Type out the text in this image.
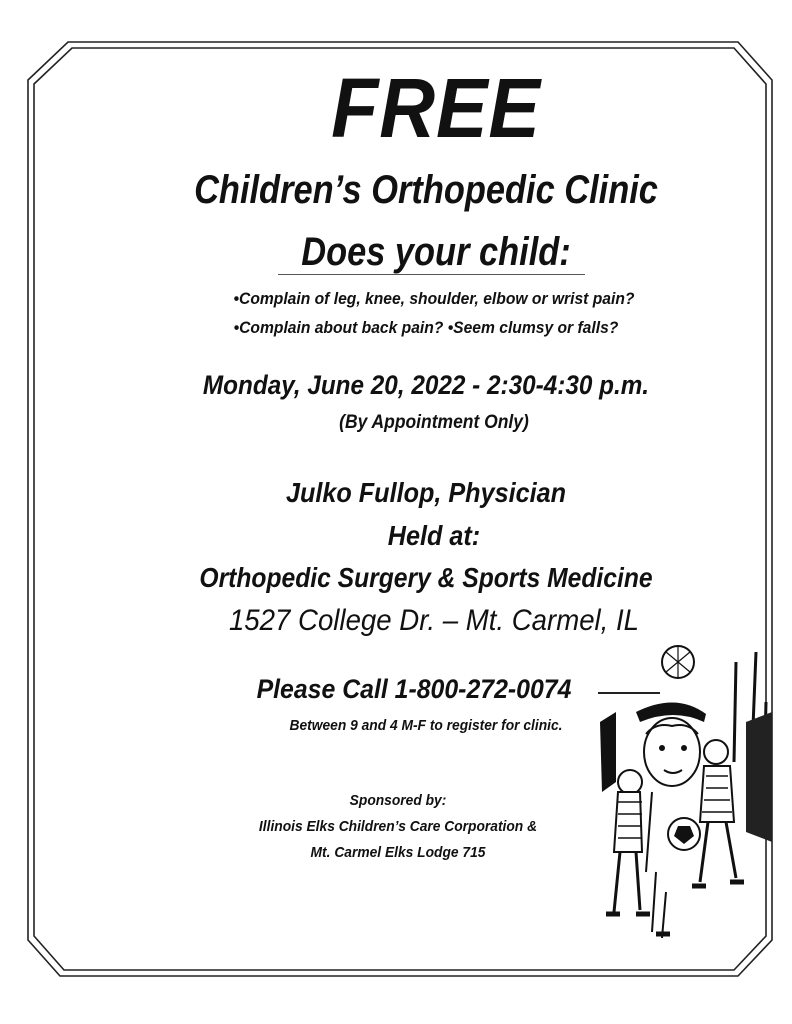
FREE
Children’s Orthopedic Clinic
Does your child:
•Complain of leg, knee, shoulder, elbow or wrist pain?
•Complain about back pain? •Seem clumsy or falls?
Monday, June 20, 2022 - 2:30-4:30 p.m.
(By Appointment Only)
Julko Fullop, Physician
Held at:
Orthopedic Surgery & Sports Medicine
1527 College Dr. – Mt. Carmel, IL
Please Call 1-800-272-0074
Between 9 and 4 M-F to register for clinic.
Sponsored by:
Illinois Elks Children’s Care Corporation &
Mt. Carmel Elks Lodge 715
